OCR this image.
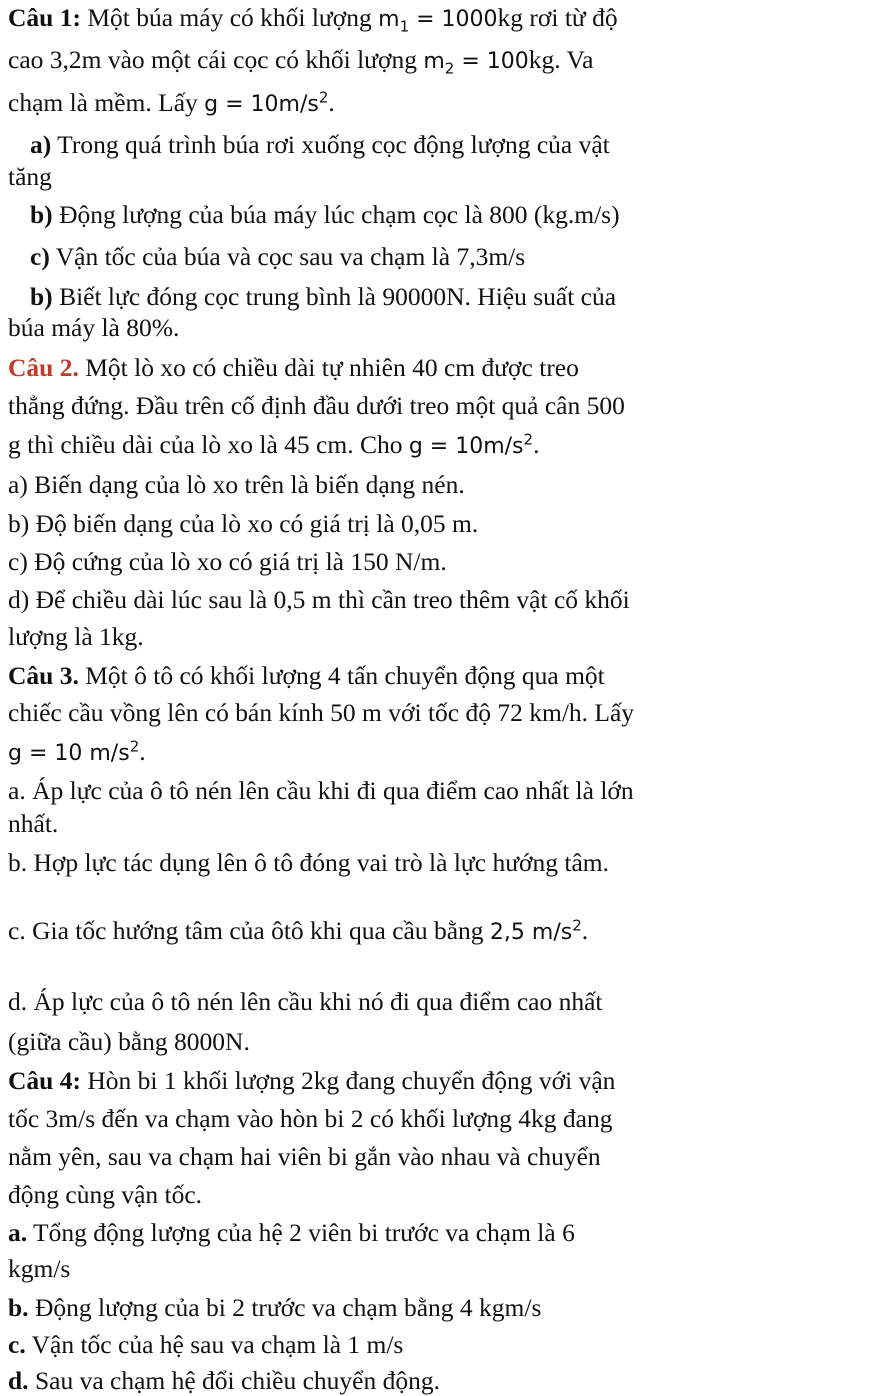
Câu 1: Một búa máy có khối lượng $m_1 = 1000kg$ rơi từ độ
cao 3,2m vào một cái cọc có khối lượng $m_2 = 100kg$. Va
chạm là mềm. Lấy $g = 10m/s^2$.
a) Trong quá trình búa rơi xuống cọc động lượng của vật
tăng
b) Động lượng của búa máy lúc chạm cọc là 800 (kg.m/s)
c) Vận tốc của búa và cọc sau va chạm là 7,3m/s
b) Biết lực đóng cọc trung bình là 90000N. Hiệu suất của
búa máy là 80%.
Câu 2. Một lò xo có chiều dài tự nhiên 40 cm được treo
thẳng đứng. Đầu trên cố định đầu dưới treo một quả cân 500
g thì chiều dài của lò xo là 45 cm. Cho $g = 10m/s^2$.
a) Biến dạng của lò xo trên là biến dạng nén.
b) Độ biến dạng của lò xo có giá trị là 0,05 m.
c) Độ cứng của lò xo có giá trị là 150 N/m.
d) Để chiều dài lúc sau là 0,5 m thì cần treo thêm vật cố khối
lượng là 1kg.
Câu 3. Một ô tô có khối lượng 4 tấn chuyển động qua một
chiếc cầu vồng lên có bán kính 50 m với tốc độ 72 km/h. Lấy
g = 10 $m/s^2$.
a. Áp lực của ô tô nén lên cầu khi đi qua điểm cao nhất là lớn
nhất.
b. Hợp lực tác dụng lên ô tô đóng vai trò là lực hướng tâm.
c. Gia tốc hướng tâm của ôtô khi qua cầu bằng 2,5 $m/s^2$.
d. Áp lực của ô tô nén lên cầu khi nó đi qua điểm cao nhất
(giữa cầu) bằng 8000N.
Câu 4: Hòn bi 1 khối lượng 2kg đang chuyển động với vận
tốc 3m/s đến va chạm vào hòn bi 2 có khối lượng 4kg đang
nằm yên, sau va chạm hai viên bi gắn vào nhau và chuyển
động cùng vận tốc.
a. Tổng động lượng của hệ 2 viên bi trước va chạm là 6
kgm/s
b. Động lượng của bi 2 trước va chạm bằng 4 kgm/s
c. Vận tốc của hệ sau va chạm là 1 m/s
d. Sau va chạm hệ đổi chiều chuyển động.
